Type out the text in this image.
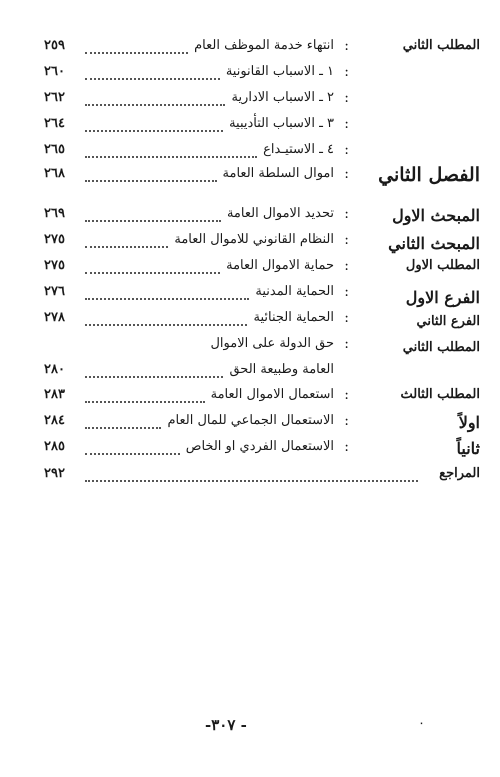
المطلب الثاني
:
انتهاء خدمة الموظف العام
٢٥٩
:
١ ـ الاسباب القانونية
٢٦٠
:
٢ ـ الاسباب الادارية
٢٦٢
:
٣ ـ الاسباب التأديبية
٢٦٤
:
٤ ـ الاستيـداع
٢٦٥
الفصل الثاني
:
اموال السلطة العامة
٢٦٨
المبحث الاول
:
تحديد الاموال العامة
٢٦٩
المبحث الثاني
:
النظام القانوني للاموال العامة
٢٧٥
المطلب الاول
:
حماية الاموال العامة
٢٧٥
الفرع الاول
:
الحماية المدنية
٢٧٦
الفرع الثاني
:
الحماية الجنائية
٢٧٨
المطلب الثاني
:
حق الدولة على الاموال
العامة وطبيعة الحق
٢٨٠
المطلب الثالث
:
استعمال الاموال العامة
٢٨٣
اولاً
:
الاستعمال الجماعي للمال العام
٢٨٤
ثانياً
:
الاستعمال الفردي او الخاص
٢٨٥
المراجع
٢٩٢
-٣٠٧ -	٠
